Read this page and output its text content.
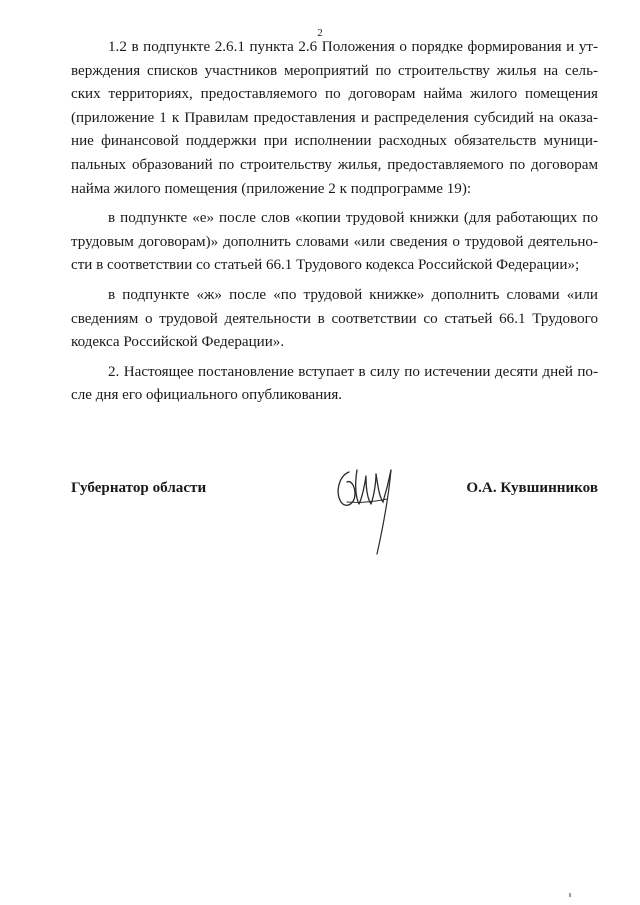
2

1.2 в подпункте 2.6.1 пункта 2.6 Положения о порядке формирования и утверждения списков участников мероприятий по строительству жилья на сельских территориях, предоставляемого по договорам найма жилого помещения (приложение 1 к Правилам предоставления и распределения субсидий на оказание финансовой поддержки при исполнении расходных обязательств муниципальных образований по строительству жилья, предоставляемого по договорам найма жилого помещения (приложение 2 к подпрограмме 19):

в подпункте «е» после слов «копии трудовой книжки (для работающих по трудовым договорам)» дополнить словами «или сведения о трудовой деятельности в соответствии со статьей 66.1 Трудового кодекса Российской Федерации»;

в подпункте «ж» после «по трудовой книжке» дополнить словами «или сведениям о трудовой деятельности в соответствии со статьей 66.1 Трудового кодекса Российской Федерации».

2. Настоящее постановление вступает в силу по истечении десяти дней после дня его официального опубликования.

Губернатор области	О.А. Кувшинников
